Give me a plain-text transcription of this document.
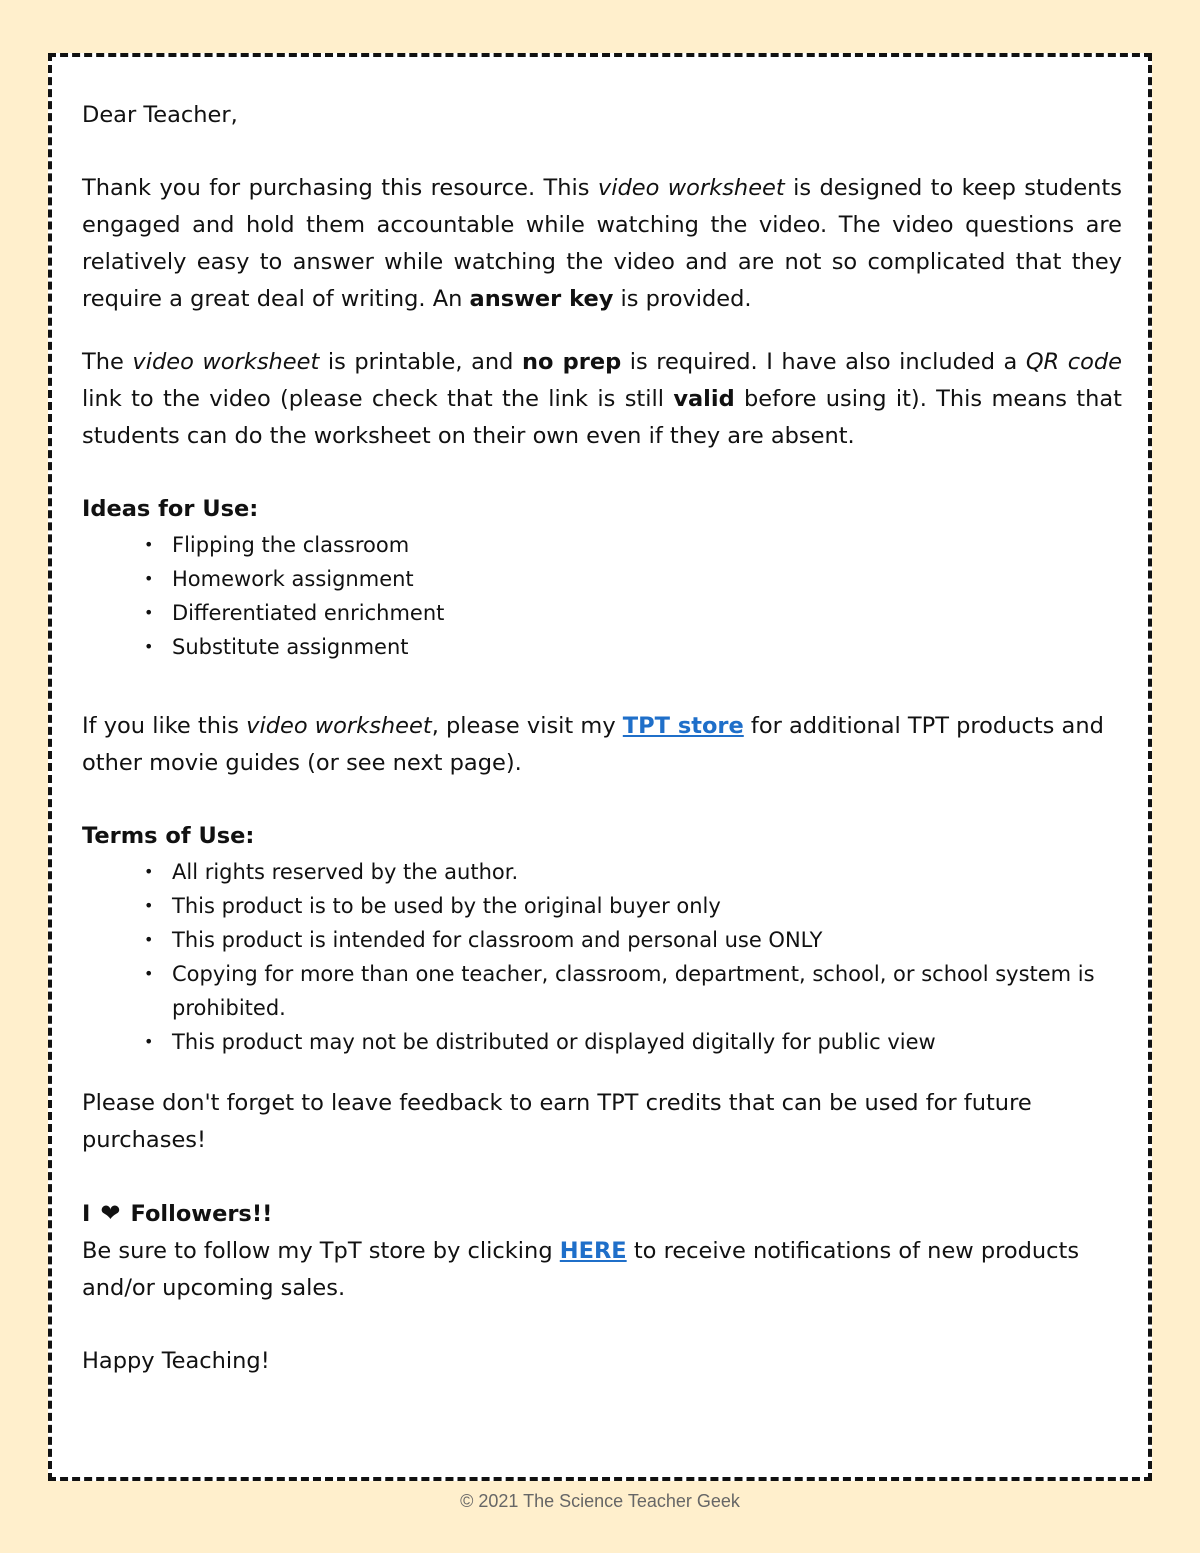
Dear Teacher,

Thank you for purchasing this resource. This video worksheet is designed to keep students engaged and hold them accountable while watching the video. The video questions are relatively easy to answer while watching the video and are not so complicated that they require a great deal of writing. An answer key is provided.

The video worksheet is printable, and no prep is required. I have also included a QR code link to the video (please check that the link is still valid before using it). This means that students can do the worksheet on their own even if they are absent.

Ideas for Use:

• Flipping the classroom
• Homework assignment
• Differentiated enrichment
• Substitute assignment

If you like this video worksheet, please visit my TPT store for additional TPT products and other movie guides (or see next page).

Terms of Use:

• All rights reserved by the author.
• This product is to be used by the original buyer only
• This product is intended for classroom and personal use ONLY
• Copying for more than one teacher, classroom, department, school, or school system is prohibited.
• This product may not be distributed or displayed digitally for public view

Please don't forget to leave feedback to earn TPT credits that can be used for future purchases!

I ❤ Followers!!

Be sure to follow my TpT store by clicking HERE to receive notifications of new products and/or upcoming sales.

Happy Teaching!

© 2021 The Science Teacher Geek
